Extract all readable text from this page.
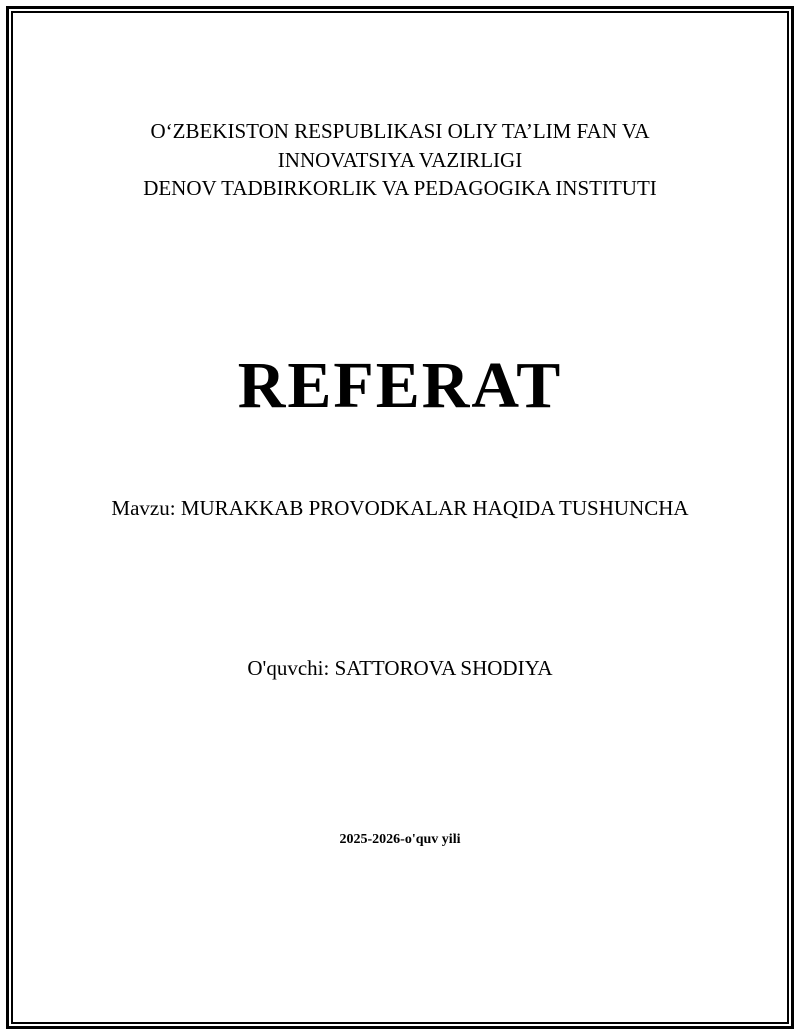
OʻZBEKISTON RESPUBLIKASI OLIY TA’LIM FAN VA
INNOVATSIYA VAZIRLIGI
DENOV TADBIRKORLIK VA PEDAGOGIKA INSTITUTI
REFERAT
Mavzu: MURAKKAB PROVODKALAR HAQIDA TUSHUNCHA
O'quvchi: SATTOROVA SHODIYA
2025-2026-o'quv yili
